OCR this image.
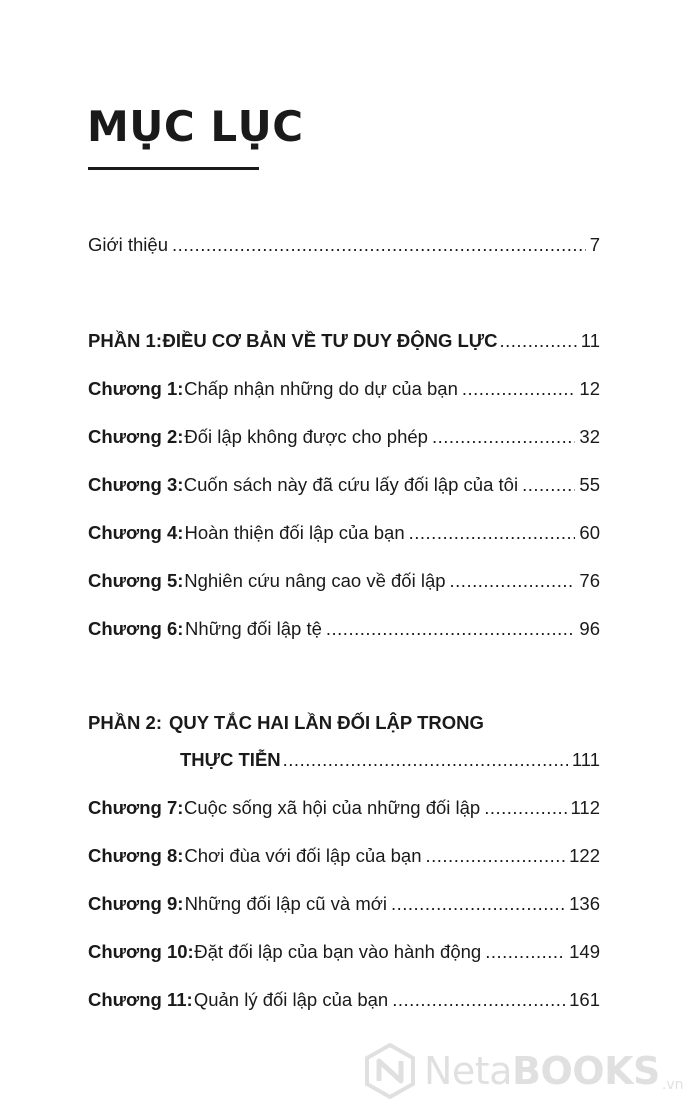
MỤC LỤC
Giới thiệu .....	7
PHẦN 1: ĐIỀU CƠ BẢN VỀ TƯ DUY ĐỘNG LỰC .....	11
Chương 1: Chấp nhận những do dự của bạn .....	12
Chương 2: Đối lập không được cho phép .....	32
Chương 3: Cuốn sách này đã cứu lấy đối lập của tôi .....	55
Chương 4: Hoàn thiện đối lập của bạn .....	60
Chương 5: Nghiên cứu nâng cao về đối lập .....	76
Chương 6: Những đối lập tệ .....	96
PHẦN 2: QUY TẮC HAI LẦN ĐỐI LẬP TRONG
THỰC TIỄN .....	111
Chương 7: Cuộc sống xã hội của những đối lập .....	112
Chương 8: Chơi đùa với đối lập của bạn .....	122
Chương 9: Những đối lập cũ và mới .....	136
Chương 10: Đặt đối lập của bạn vào hành động .....	149
Chương 11: Quản lý đối lập của bạn .....	161
NetaBOOKS .vn
